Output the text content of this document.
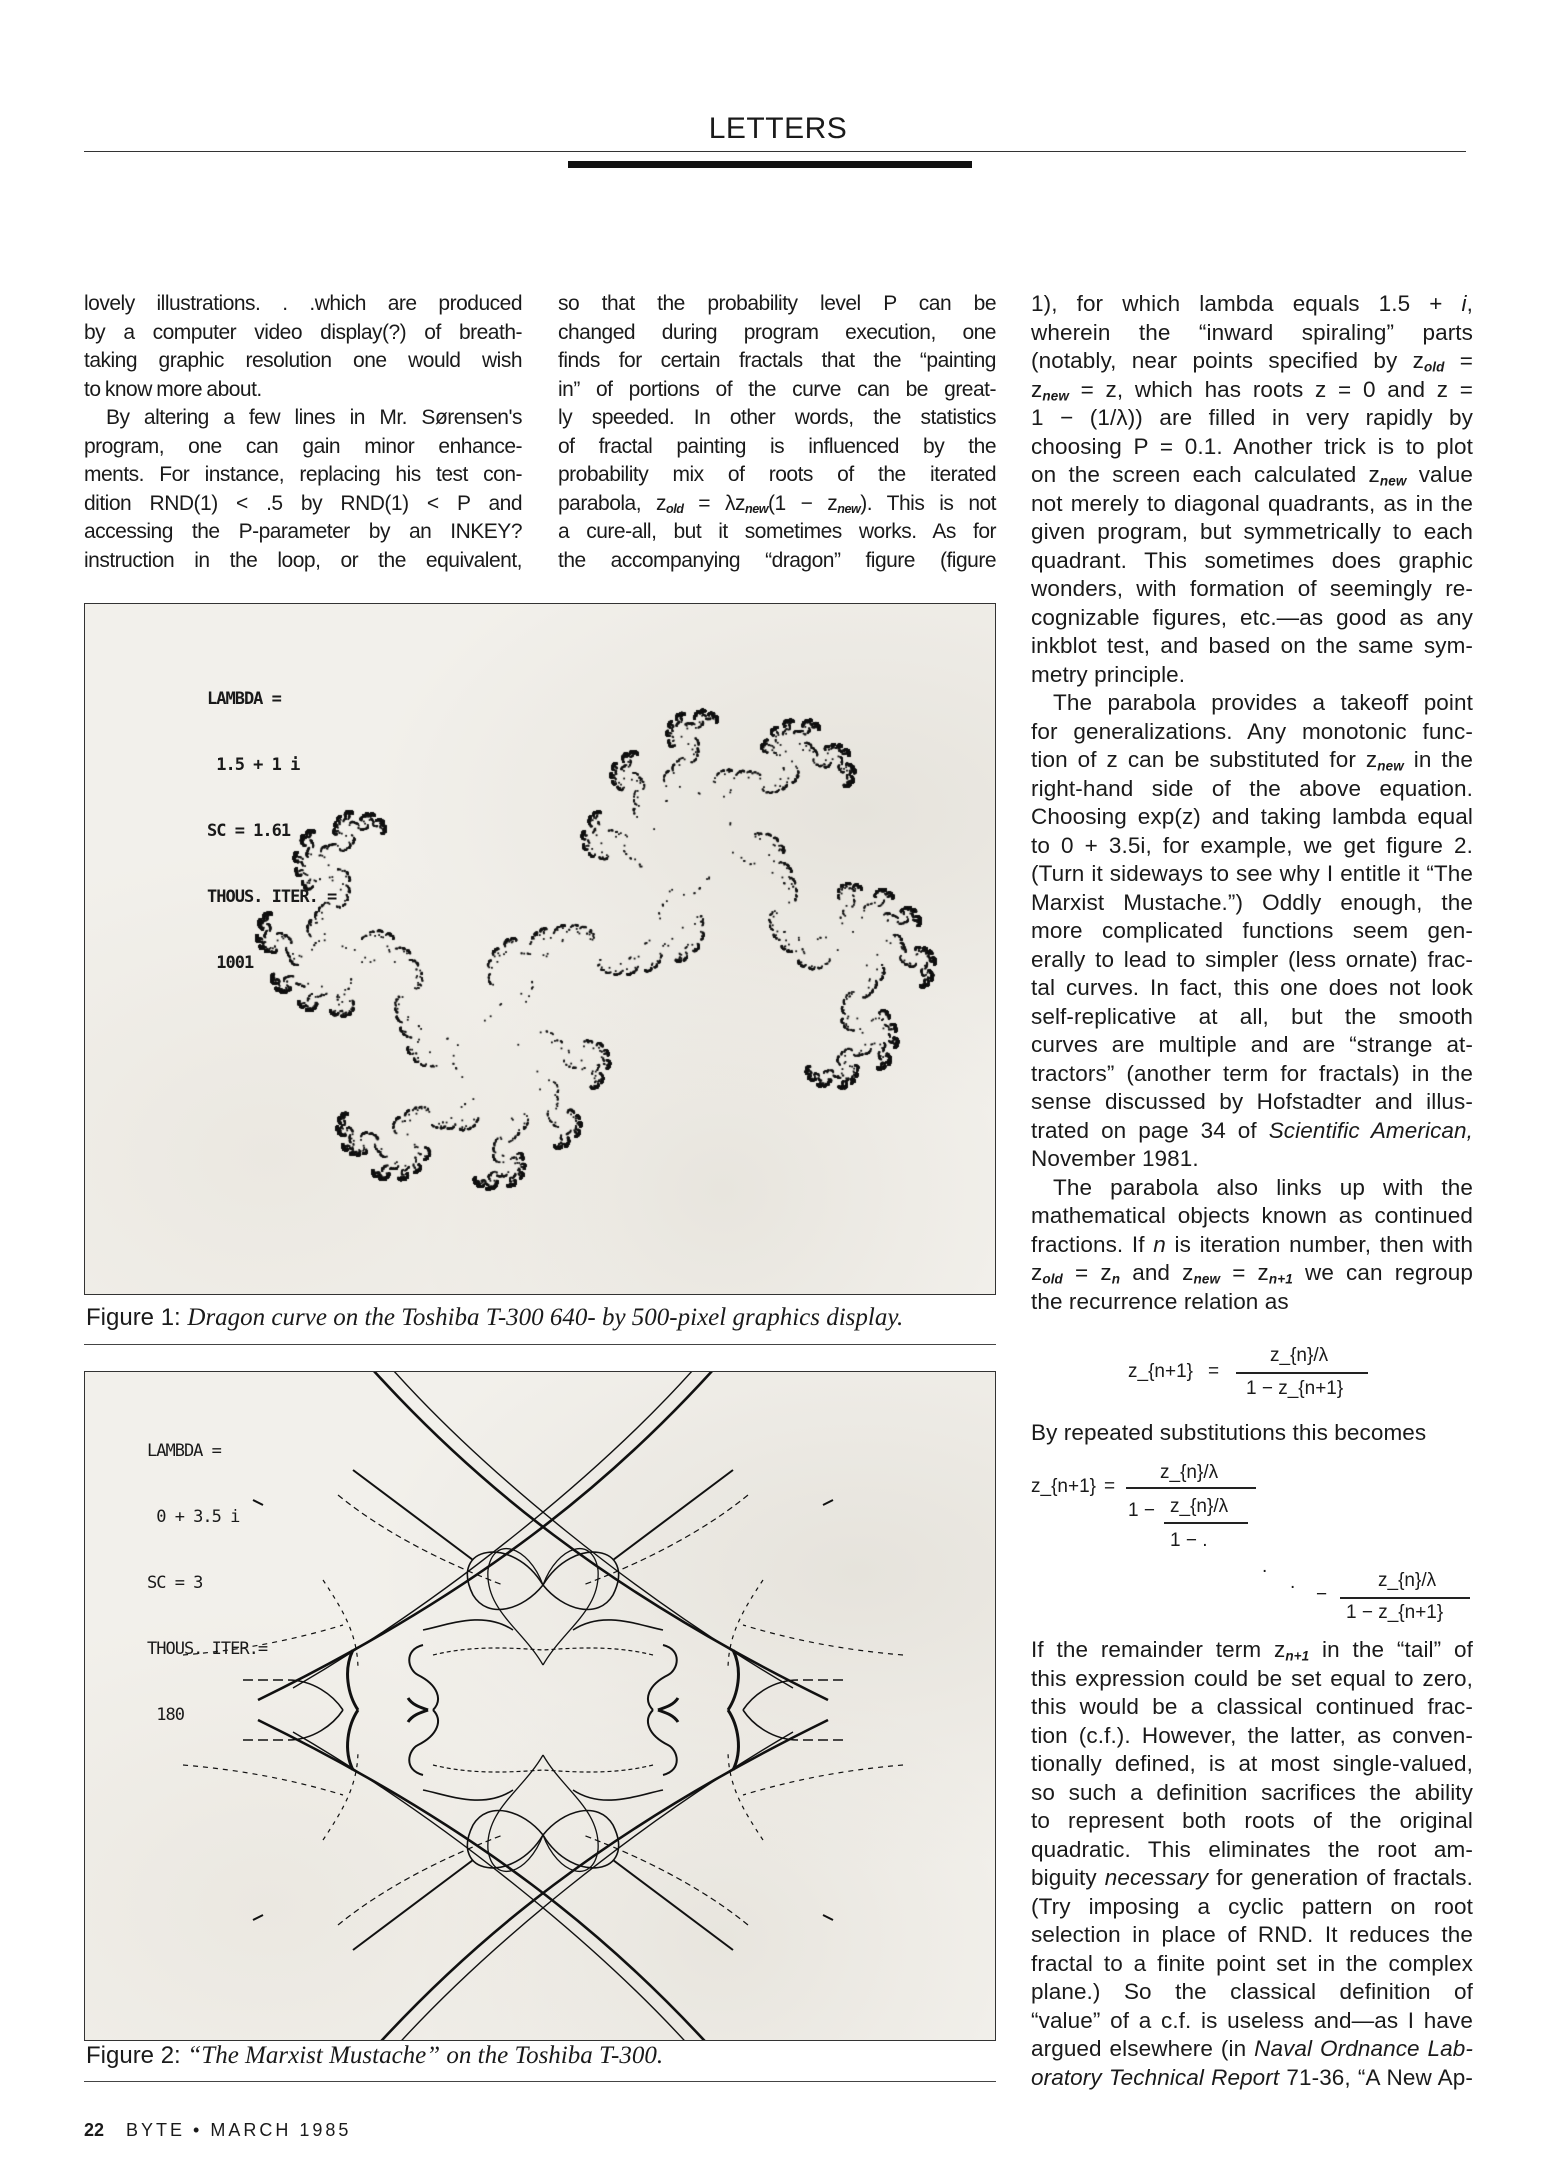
LETTERS
lovely illustrations. . .which are produced
by a computer video display(?) of breath-
taking graphic resolution one would wish
to know more about.
By altering a few lines in Mr. Sørensen's
program, one can gain minor enhance-
ments. For instance, replacing his test con-
dition RND(1) < .5 by RND(1) < P and
accessing the P-parameter by an INKEY?
instruction in the loop, or the equivalent,
so that the probability level P can be
changed during program execution, one
finds for certain fractals that the “painting
in” of portions of the curve can be great-
ly speeded. In other words, the statistics
of fractal painting is influenced by the
probability mix of roots of the iterated
parabola, $z_{old} = \lambda z_{new}(1 - z_{new})$. This is not
a cure-all, but it sometimes works. As for
the accompanying “dragon” figure (figure
1), for which lambda equals 1.5 + i,
wherein the “inward spiraling” parts
(notably, near points specified by $z_{old}$ =
$z_{new} = z$, which has roots z = 0 and z =
1 − (1/λ)) are filled in very rapidly by
choosing P = 0.1. Another trick is to plot
on the screen each calculated $z_{new}$ value
not merely to diagonal quadrants, as in the
given program, but symmetrically to each
quadrant. This sometimes does graphic
wonders, with formation of seemingly re-
cognizable figures, etc.—as good as any
inkblot test, and based on the same sym-
metry principle.
The parabola provides a takeoff point
for generalizations. Any monotonic func-
tion of z can be substituted for $z_{new}$ in the
right-hand side of the above equation.
Choosing exp(z) and taking lambda equal
to 0 + 3.5i, for example, we get figure 2.
(Turn it sideways to see why I entitle it “The
Marxist Mustache.”) Oddly enough, the
more complicated functions seem gen-
erally to lead to simpler (less ornate) frac-
tal curves. In fact, this one does not look
self-replicative at all, but the smooth
curves are multiple and are “strange at-
tractors” (another term for fractals) in the
sense discussed by Hofstadter and illus-
trated on page 34 of Scientific American,
November 1981.
The parabola also links up with the
mathematical objects known as continued
fractions. If n is iteration number, then with
$z_{old} = z_n$ and $z_{new} = z_{n+1}$ we can regroup
the recurrence relation as
z_{n+1} =
z_{n}/λ
1 − z_{n+1}
By repeated substitutions this becomes
z_{n+1} =
z_{n}/λ
1 − z_{n}/λ
1 − .
.
.
−
z_{n}/λ
1 − z_{n+1}
If the remainder term $z_{n+1}$ in the “tail” of
this expression could be set equal to zero,
this would be a classical continued frac-
tion (c.f.). However, the latter, as conven-
tionally defined, is at most single-valued,
so such a definition sacrifices the ability
to represent both roots of the original
quadratic. This eliminates the root am-
biguity necessary for generation of fractals.
(Try imposing a cyclic pattern on root
selection in place of RND. It reduces the
fractal to a finite point set in the complex
plane.) So the classical definition of
“value” of a c.f. is useless and—as I have
argued elsewhere (in Naval Ordnance Lab-
oratory Technical Report 71-36, “A New Ap-

LAMBDA =

1.5 + 1 i

SC = 1.61

THOUS. ITER. =

1001

Figure 1: Dragon curve on the Toshiba T-300 640- by 500-pixel graphics display.

LAMBDA =

0 + 3.5 i

SC = 3

THOUS. ITER.=

180

Figure 2: “The Marxist Mustache” on the Toshiba T-300.
22 BYTE • MARCH 1985
